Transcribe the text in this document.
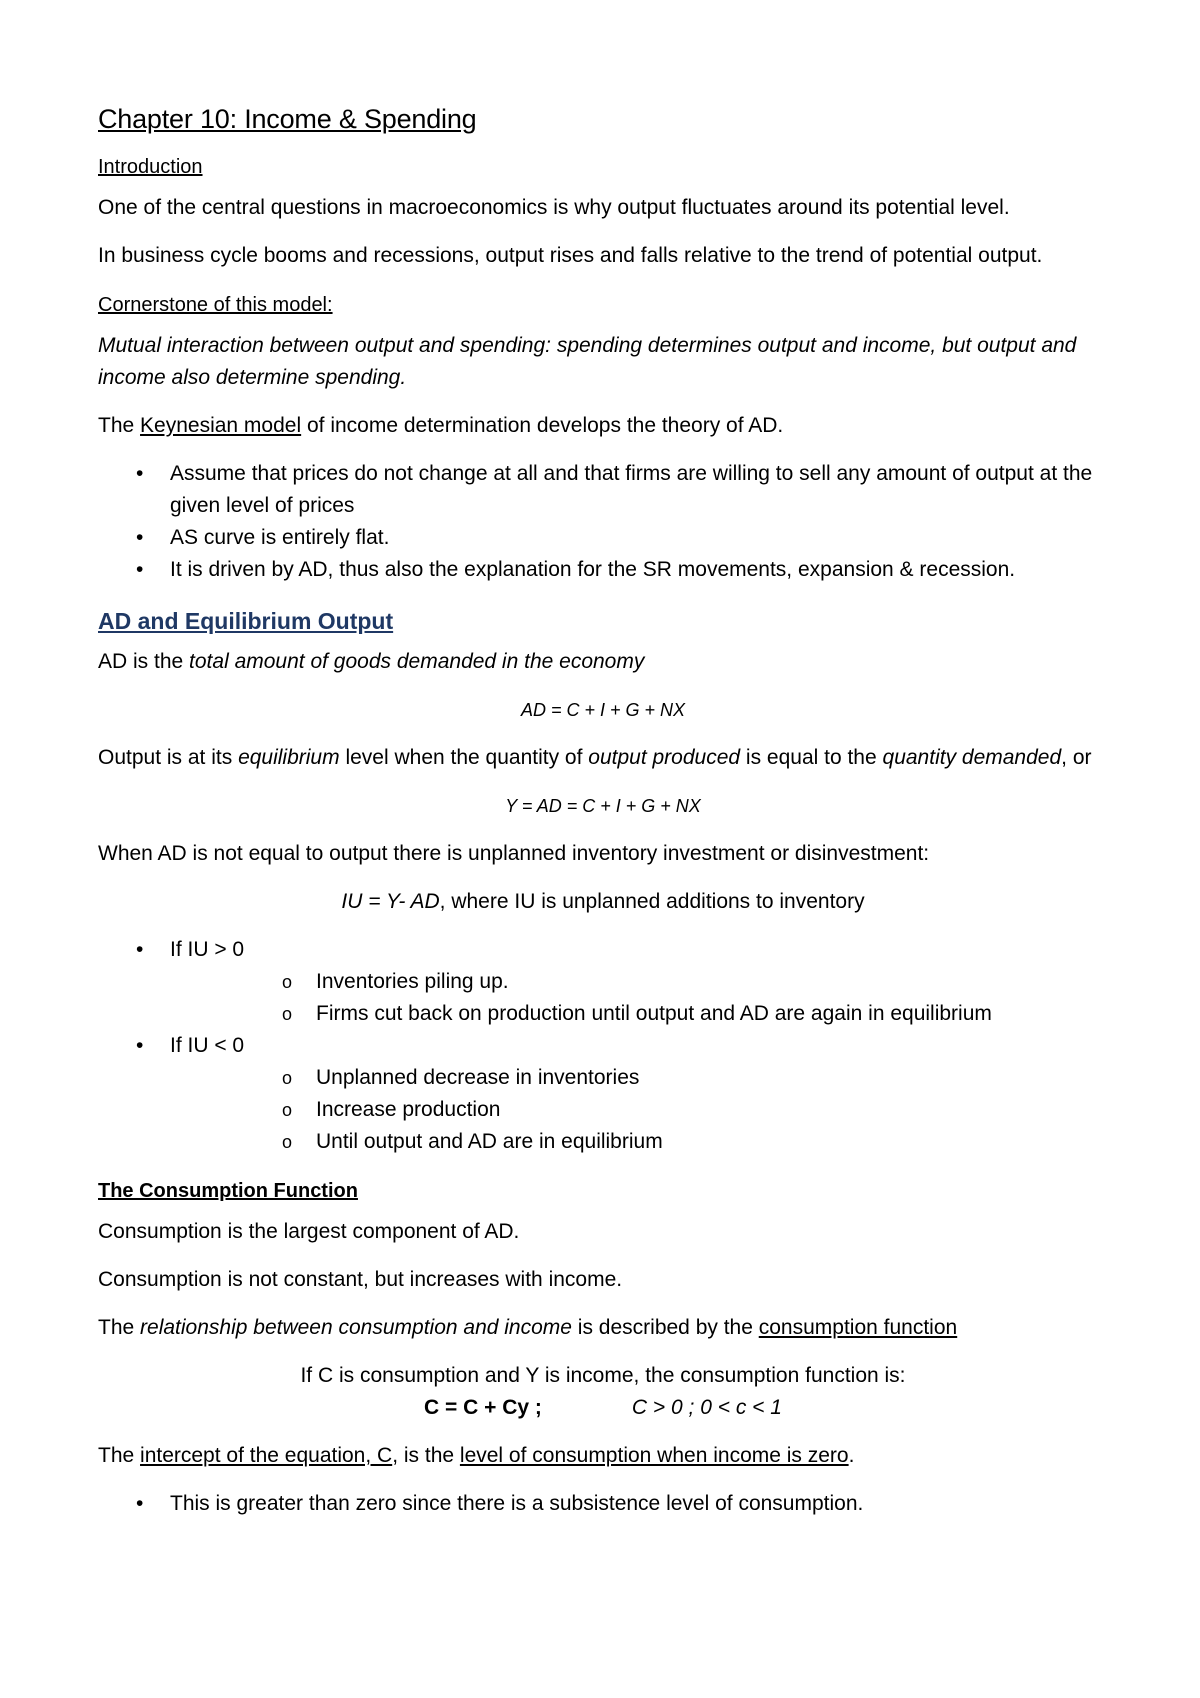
Chapter 10: Income & Spending
Introduction

One of the central questions in macroeconomics is why output fluctuates around its potential level.

In business cycle booms and recessions, output rises and falls relative to the trend of potential output.

Cornerstone of this model:

Mutual interaction between output and spending: spending determines output and income, but output and income also determine spending.

The Keynesian model of income determination develops the theory of AD.

• Assume that prices do not change at all and that firms are willing to sell any amount of output at the given level of prices
• AS curve is entirely flat.
• It is driven by AD, thus also the explanation for the SR movements, expansion & recession.
AD and Equilibrium Output

AD is the total amount of goods demanded in the economy

AD = C + I + G + NX

Output is at its equilibrium level when the quantity of output produced is equal to the quantity demanded, or

Y = AD = C + I + G + NX

When AD is not equal to output there is unplanned inventory investment or disinvestment:

IU = Y- AD, where IU is unplanned additions to inventory

• If IU > 0
o Inventories piling up.
o Firms cut back on production until output and AD are again in equilibrium
• If IU < 0
o Unplanned decrease in inventories
o Increase production
o Until output and AD are in equilibrium
The Consumption Function

Consumption is the largest component of AD.

Consumption is not constant, but increases with income.

The relationship between consumption and income is described by the consumption function

If C is consumption and Y is income, the consumption function is:
C = C + Cy ;	C > 0 ; 0 < c < 1

The intercept of the equation, C, is the level of consumption when income is zero.

• This is greater than zero since there is a subsistence level of consumption.
